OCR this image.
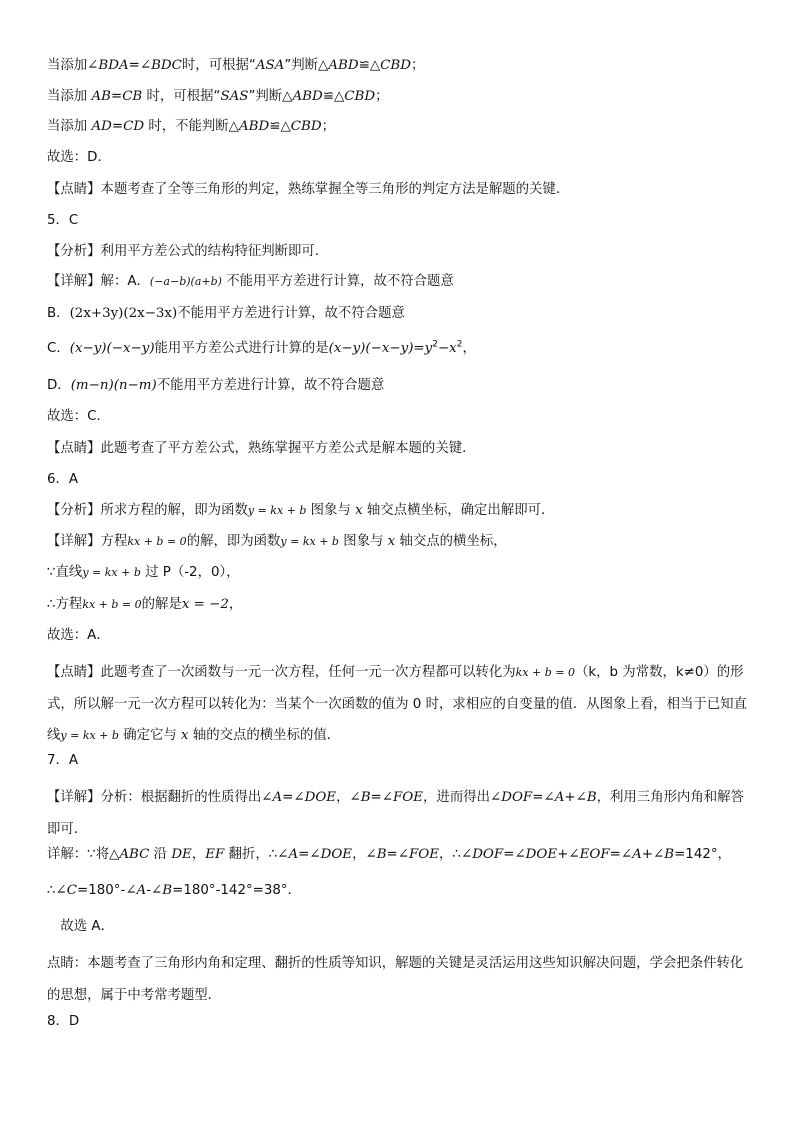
当添加∠BDA=∠BDC时，可根据“ASA”判断△ABD≌△CBD；
当添加 AB=CB 时，可根据“SAS”判断△ABD≌△CBD；
当添加 AD=CD 时，不能判断△ABD≌△CBD；
故选：D．
【点睛】本题考查了全等三角形的判定，熟练掌握全等三角形的判定方法是解题的关键．
5．C
【分析】利用平方差公式的结构特征判断即可．
【详解】解：A．(−a−b)(a+b) 不能用平方差进行计算，故不符合题意
B．(2x+3y)(2x−3x)不能用平方差进行计算，故不符合题意
C．(x−y)(−x−y)能用平方差公式进行计算的是$(x-y)(-x-y)=y^2-x^2$，
D．(m−n)(n−m)不能用平方差进行计算，故不符合题意
故选：C．
【点睛】此题考查了平方差公式，熟练掌握平方差公式是解本题的关键．
6．A
【分析】所求方程的解，即为函数y = kx + b 图象与 x 轴交点横坐标，确定出解即可．
【详解】方程kx + b = 0的解，即为函数y = kx + b 图象与 x 轴交点的横坐标，
∵直线y = kx + b 过 P（-2，0），
∴方程kx + b = 0的解是x = −2，
故选：A．
【点睛】此题考查了一次函数与一元一次方程，任何一元一次方程都可以转化为kx + b = 0（k，b 为常数，k≠0）的形式，所以解一元一次方程可以转化为：当某个一次函数的值为 0 时，求相应的自变量的值．从图象上看，相当于已知直线y = kx + b 确定它与 x 轴的交点的横坐标的值．
7．A
【详解】分析：根据翻折的性质得出∠A=∠DOE，∠B=∠FOE，进而得出∠DOF=∠A+∠B，利用三角形内角和解答即可．
详解：∵将△ABC 沿 DE，EF 翻折，∴∠A=∠DOE，∠B=∠FOE，∴∠DOF=∠DOE+∠EOF=∠A+∠B=142°，
∴∠C=180°-∠A-∠B=180°-142°=38°．
　故选 A．
点睛：本题考查了三角形内角和定理、翻折的性质等知识，解题的关键是灵活运用这些知识解决问题，学会把条件转化的思想，属于中考常考题型．
8．D
